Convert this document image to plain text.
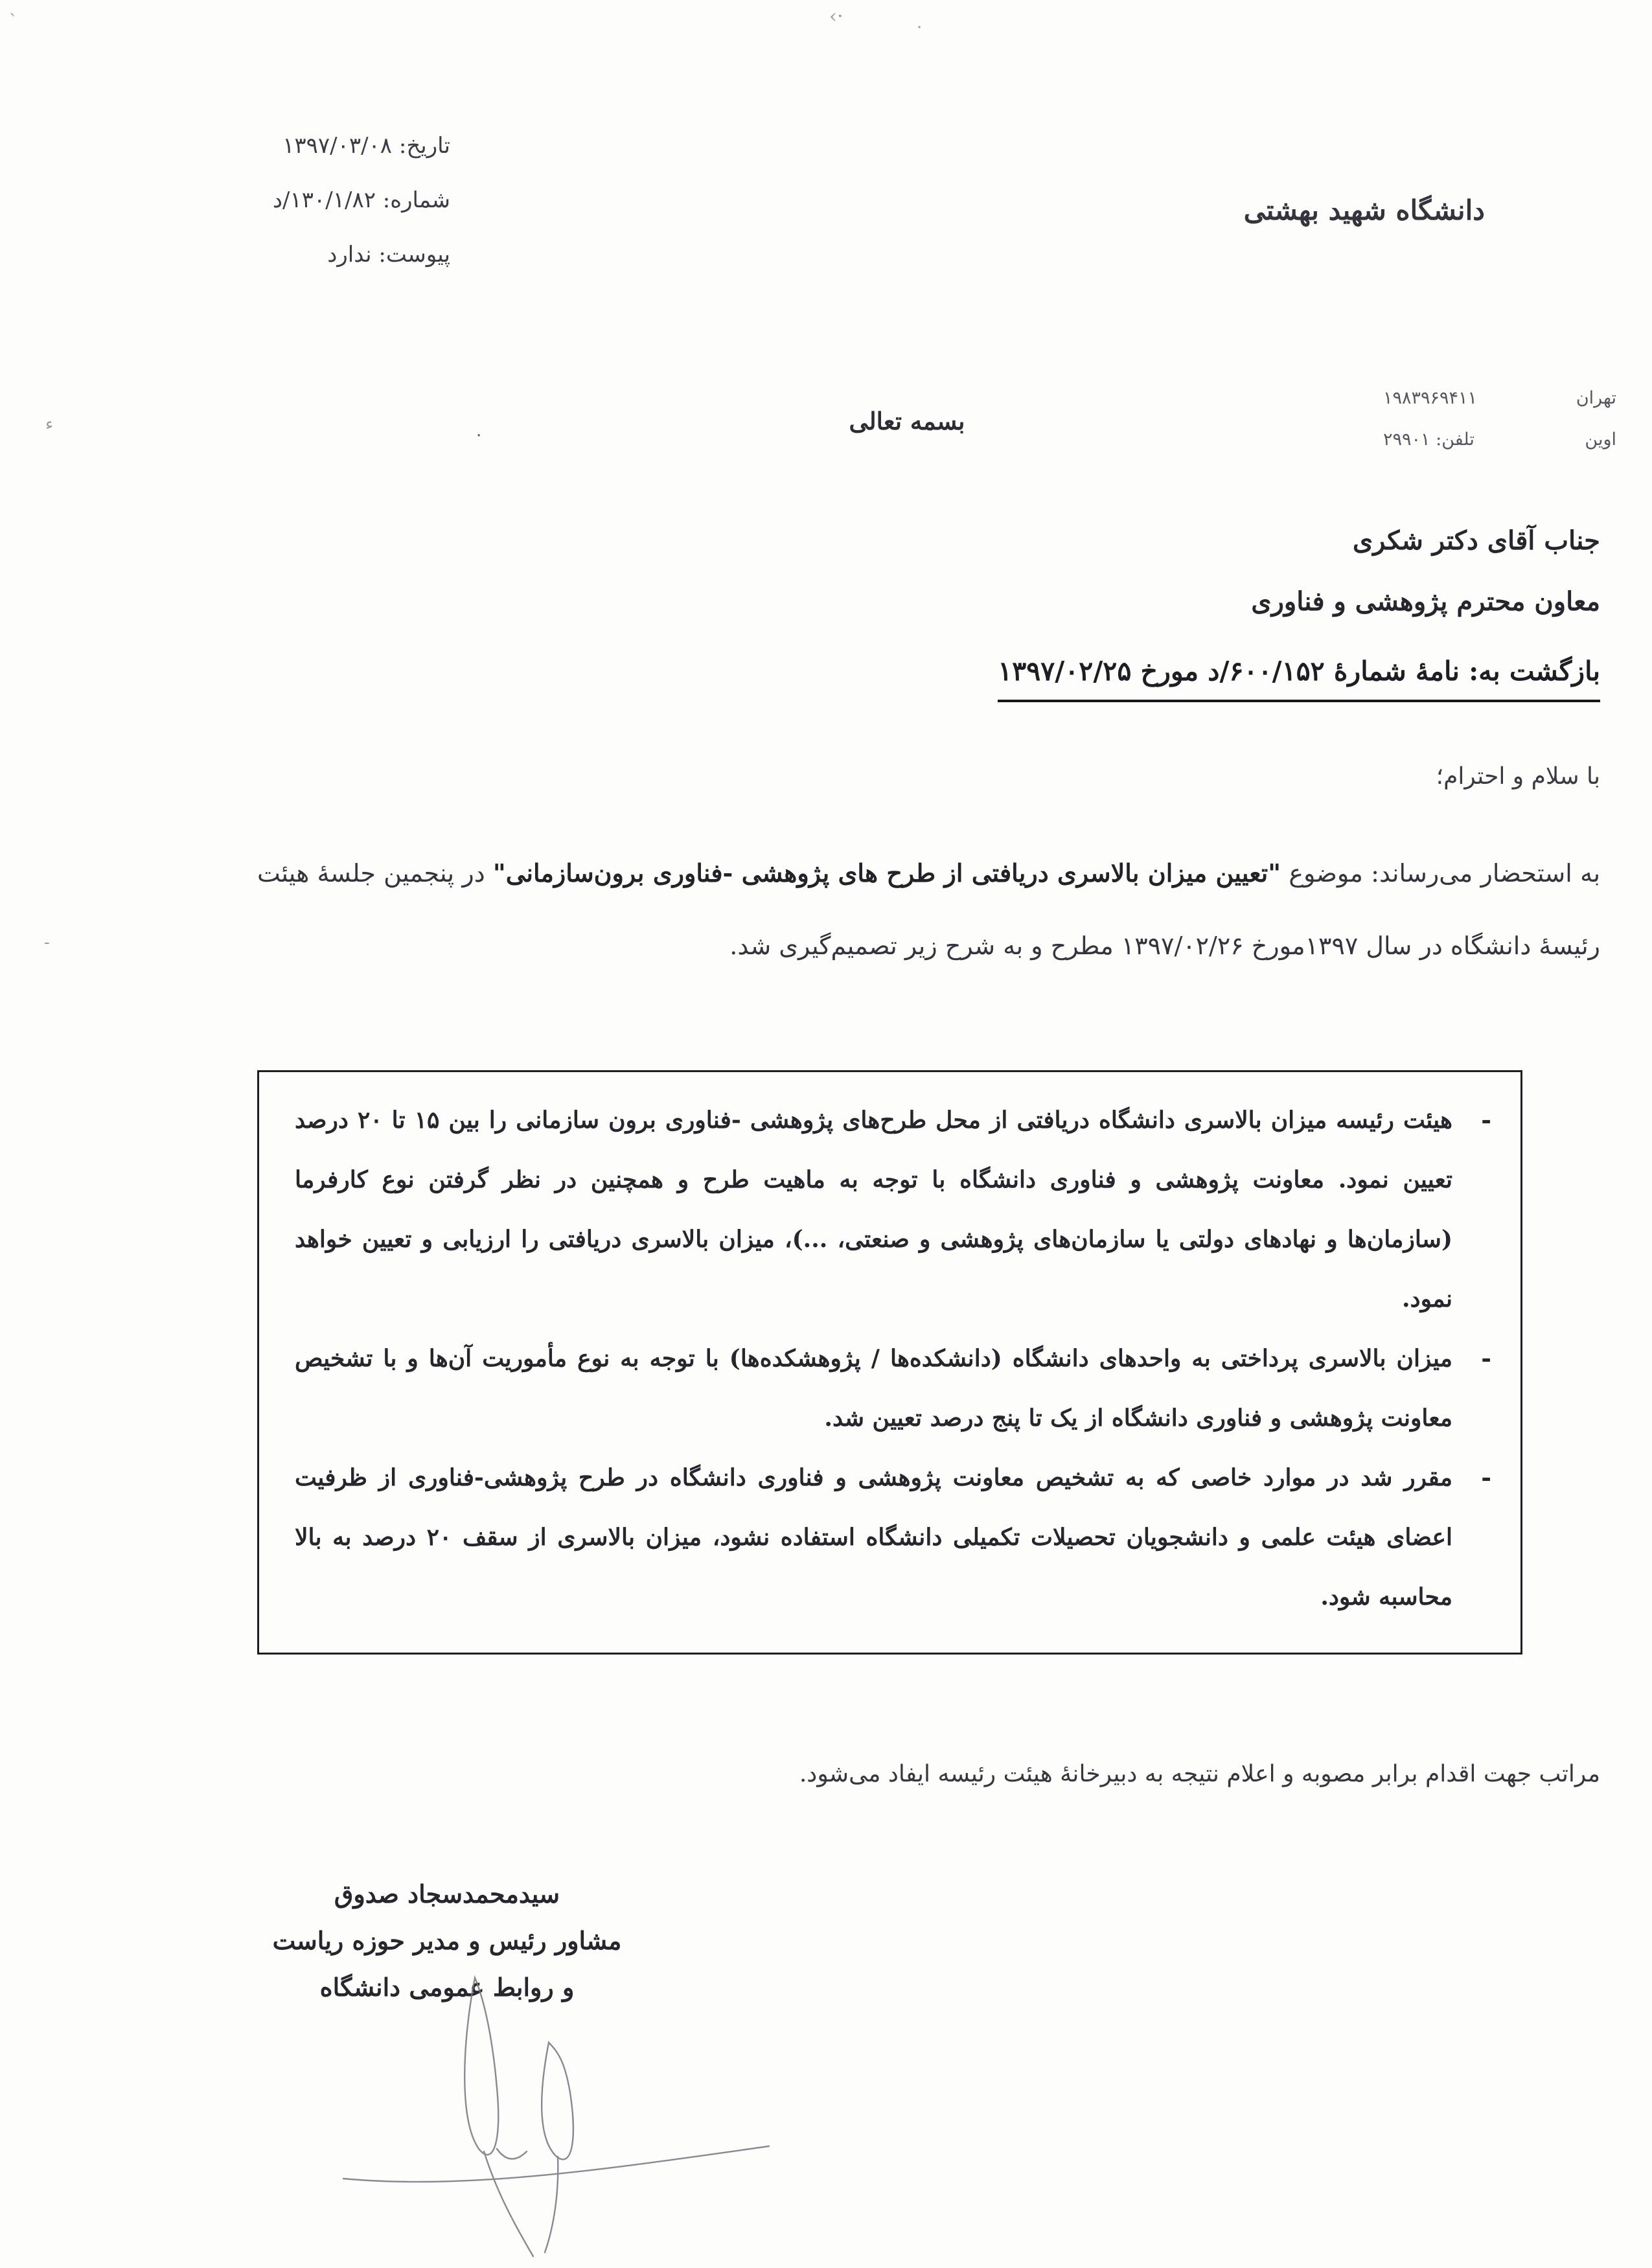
`	·›	·
.
ء
-
تاریخ: ۱۳۹۷/۰۳/۰۸
شماره: ۱۳۰/۱/۸۲/د
پیوست: ندارد
دانشگاه شهید بهشتی
تهران
۱۹۸۳۹۶۹۴۱۱
اوین
تلفن: ۲۹۹۰۱
بسمه تعالی
جناب آقای دکتر شکری
معاون محترم پژوهشی و فناوری
بازگشت به: نامۀ شمارۀ ۶۰۰/۱۵۲/د مورخ ۱۳۹۷/۰۲/۲۵
با سلام و احترام؛
به استحضار می‌رساند: موضوع "تعیین میزان بالاسری دریافتی از طرح های پژوهشی -فناوری برون‌سازمانی" در پنجمین جلسۀ هیئت رئیسۀ دانشگاه در سال ۱۳۹۷مورخ ۱۳۹۷/۰۲/۲۶ مطرح و به شرح زیر تصمیم‌گیری شد.
-
هیئت رئیسه میزان بالاسری دانشگاه دریافتی از محل طرح‌های پژوهشی -فناوری برون سازمانی را بین ۱۵ تا ۲۰ درصد تعیین نمود. معاونت پژوهشی و فناوری دانشگاه با توجه به ماهیت طرح و همچنین در نظر گرفتن نوع کارفرما (سازمان‌ها و نهادهای دولتی یا سازمان‌های پژوهشی و صنعتی، ...)، میزان بالاسری دریافتی را ارزیابی و تعیین خواهد نمود.
-
میزان بالاسری پرداختی به واحدهای دانشگاه (دانشکده‌ها / پژوهشکده‌ها) با توجه به نوع مأموریت آن‌ها و با تشخیص معاونت پژوهشی و فناوری دانشگاه از یک تا پنج درصد تعیین شد.
-
مقرر شد در موارد خاصی که به تشخیص معاونت پژوهشی و فناوری دانشگاه در طرح پژوهشی-فناوری از ظرفیت اعضای هیئت علمی و دانشجویان تحصیلات تکمیلی دانشگاه استفاده نشود، میزان بالاسری از سقف ۲۰ درصد به بالا محاسبه شود.
مراتب جهت اقدام برابر مصوبه و اعلام نتیجه به دبیرخانۀ هیئت رئیسه ایفاد می‌شود.
سیدمحمدسجاد صدوق
مشاور رئیس و مدیر حوزه ریاست
و روابط عمومی دانشگاه
